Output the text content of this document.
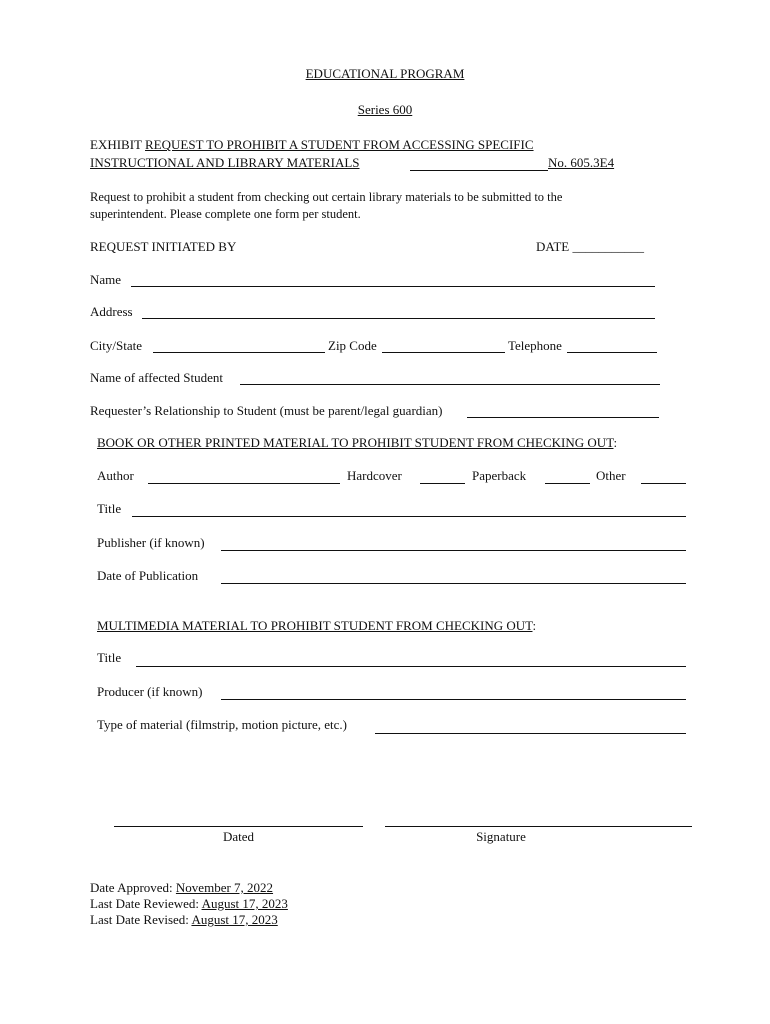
EDUCATIONAL PROGRAM
Series 600
EXHIBIT REQUEST TO PROHIBIT A STUDENT FROM ACCESSING SPECIFIC
INSTRUCTIONAL AND LIBRARY MATERIALS	No. 605.3E4
Request to prohibit a student from checking out certain library materials to be submitted to the
superintendent. Please complete one form per student.
REQUEST INITIATED BY	DATE ___________
Name
Address
City/State	Zip Code	Telephone
Name of affected Student
Requester’s Relationship to Student (must be parent/legal guardian)
BOOK OR OTHER PRINTED MATERIAL TO PROHIBIT STUDENT FROM CHECKING OUT:
Author	Hardcover	Paperback	Other
Title
Publisher (if known)
Date of Publication
MULTIMEDIA MATERIAL TO PROHIBIT STUDENT FROM CHECKING OUT:
Title
Producer (if known)
Type of material (filmstrip, motion picture, etc.)
Dated	Signature
Date Approved: November 7, 2022
Last Date Reviewed: August 17, 2023
Last Date Revised: August 17, 2023
